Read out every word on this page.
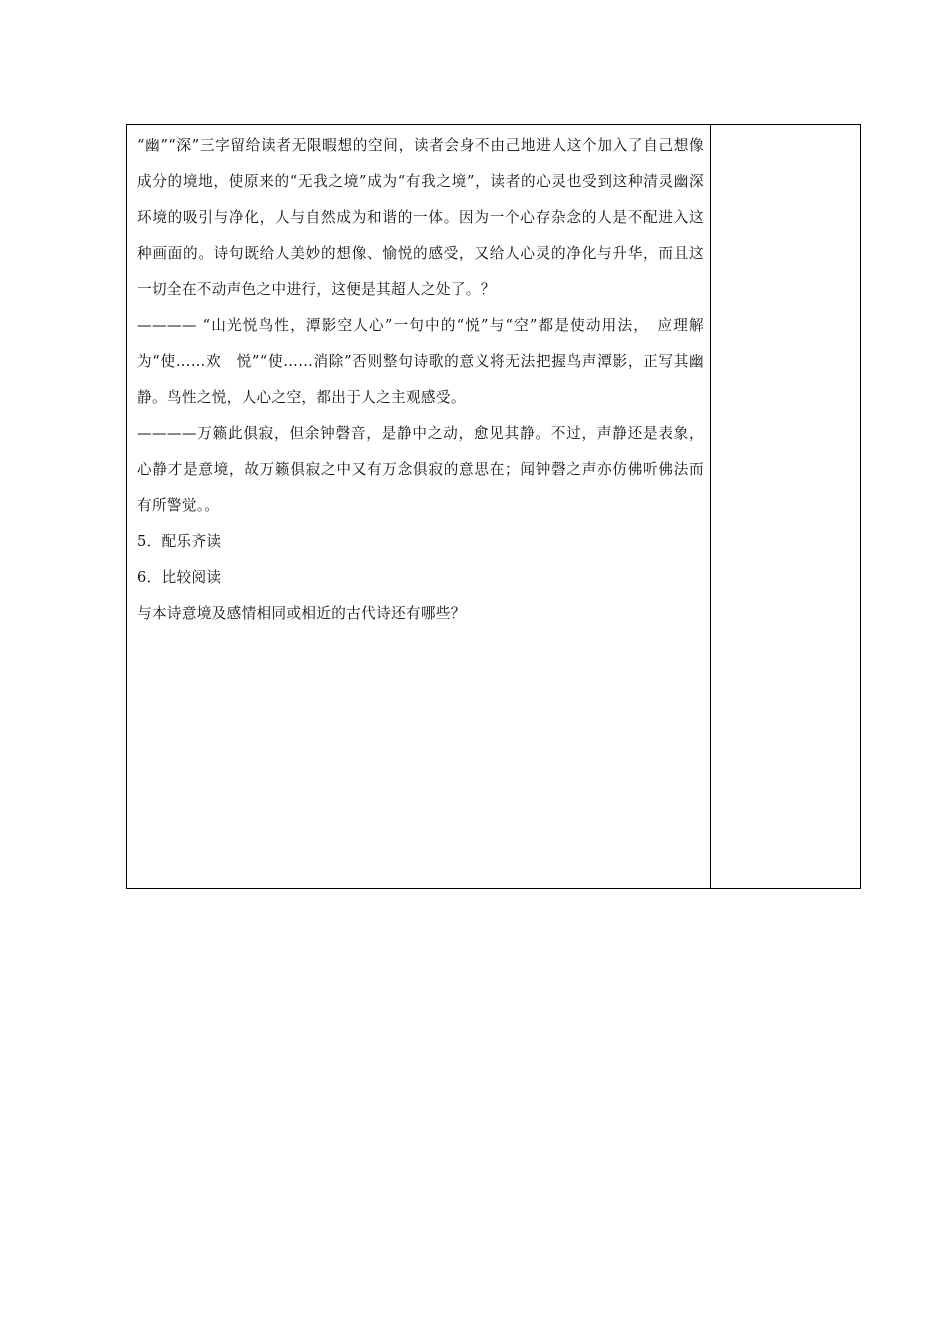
“幽”“深”三字留给读者无限暇想的空间，读者会身不由己地进人这个加入了自己想像成分的境地，使原来的“无我之境”成为“有我之境”，读者的心灵也受到这种清灵幽深环境的吸引与净化，人与自然成为和谐的一体。因为一个心存杂念的人是不配进入这种画面的。诗句既给人美妙的想像、愉悦的感受，又给人心灵的净化与升华，而且这一切全在不动声色之中进行，这便是其超人之处了。？

———— “山光悦鸟性，潭影空人心”一句中的“悦”与“空”都是使动用法，　应理解为“使……欢　悦”“使……消除”否则整句诗歌的意义将无法把握鸟声潭影，正写其幽静。鸟性之悦，人心之空，都出于人之主观感受。

————万籁此俱寂，但余钟磬音，是静中之动，愈见其静。不过，声静还是表象，心静才是意境，故万籁俱寂之中又有万念俱寂的意思在；闻钟磬之声亦仿佛听佛法而有所警觉。。

5．配乐齐读

6．比较阅读

与本诗意境及感情相同或相近的古代诗还有哪些？
